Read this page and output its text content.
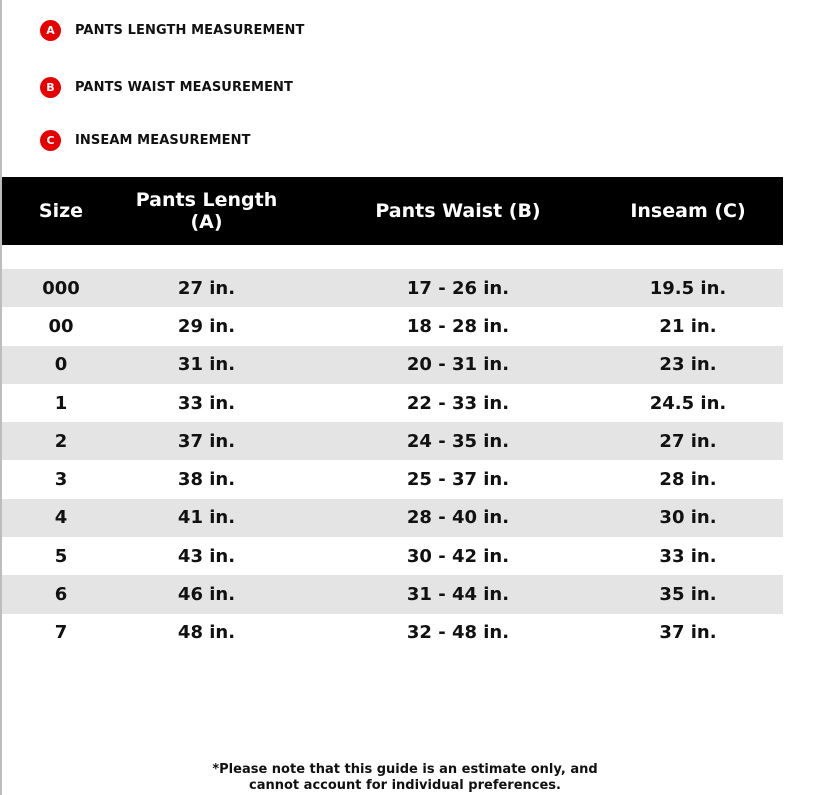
A	PANTS LENGTH MEASUREMENT
B	PANTS WAIST MEASUREMENT
C	INSEAM MEASUREMENT
Size	Pants Length (A)	Pants Waist (B)	Inseam (C)
000	27 in.	17 - 26 in.	19.5 in.
00	29 in.	18 - 28 in.	21 in.
0	31 in.	20 - 31 in.	23 in.
1	33 in.	22 - 33 in.	24.5 in.
2	37 in.	24 - 35 in.	27 in.
3	38 in.	25 - 37 in.	28 in.
4	41 in.	28 - 40 in.	30 in.
5	43 in.	30 - 42 in.	33 in.
6	46 in.	31 - 44 in.	35 in.
7	48 in.	32 - 48 in.	37 in.
*Please note that this guide is an estimate only, and
cannot account for individual preferences.
